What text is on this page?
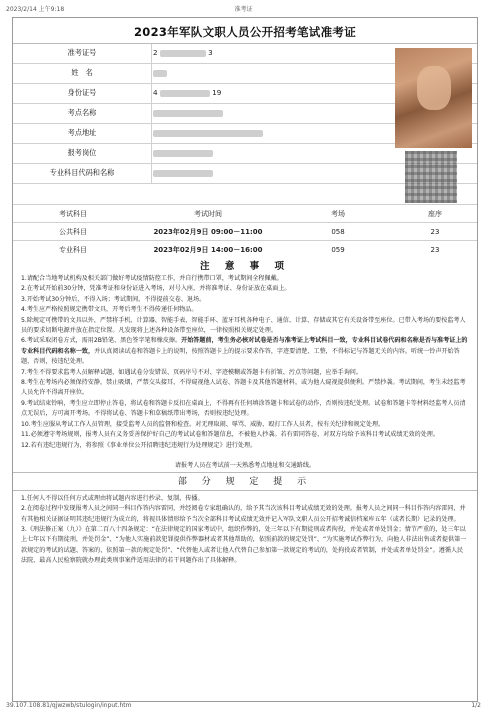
2023/2/14 上午9:18	准考证
2023年军队文职人员公开招考笔试准考证
准考证号	2	3
姓　名
身份证号	4	19
考点名称
考点地址
报考岗位
专业科目代码和名称
考试科目	考试时间	考场	座序
公共科目	2023年02月9日 09:00－11:00	058	23
专业科目	2023年02月9日 14:00－16:00	059	23
注 意 事 项

1.请配合当地考试机构及相关部门做好考试疫情防控工作，并自行携带口罩，考试期间全程佩戴。

2.在考试开始前30分钟，凭准考证和身份证进入考场，对号入座，并将准考证、身份证放在桌面上。

3.开始考试30分钟后，不得入场；考试期间，不得提前交卷、退场。

4.考生应严格按照规定携带文具，开考后考生不得传递任何物品。

5.除规定可携带的文具以外，严禁将手机、计算器、智能手表、智能手环、蓝牙耳机各种电子、通信、计算、存储或其它有关设备带至座位。已带入考场的要按监考人员的要求切断电源并放在指定位置。凡发现将上述各种设备带至座位，一律按照相关规定处理。

6.考试采取闭卷方式，需用2B铅笔、黑色签字笔和橡皮擦。开始答题前，考生务必核对试卷是否与准考证上考试科目一致，专业科目试卷代码和名称是否与准考证上的专业科目代码和名称一致，并认真阅读试卷和答题卡上的说明，按照答题卡上的提示要求作答，字迹要清楚、工整，不得标记与答题无关的内容。听统一铃声开始答题，否则，按违纪处理。

7.考生不得要求监考人员解释试题，如遇试卷分发错误、页码序号不对、字迹模糊或答题卡有折皱、污点等问题，应举手询问。

8.考生在考场内必须保持安静，禁止吸烟，严禁交头接耳，不得窥视他人试卷、答题卡及其他答题材料，或为他人窥视提供便利。严禁抄袭。考试期间，考生未经监考人员允许不得离开座位。

9.考试结束铃响，考生应立即停止答卷，将试卷和答题卡反扣在桌面上，不得再有任何填涂答题卡和试卷的动作，否则按违纪处理。试卷和答题卡等材料经监考人员清点无误后，方可离开考场。不得将试卷、答题卡和草稿纸带出考场，否则按违纪处理。

10.考生应服从考试工作人员管理，接受监考人员的监督和检查。对无理取闹、辱骂、威胁、殴打工作人员者，按有关纪律和规定处理。

11.必须遵守考场规则，报考人员有义务妥善保护好自己的考试试卷和答题信息，不被他人抄袭。若有雷同答卷，对双方均给予该科目考试成绩无效的处理。

12.若有违纪违规行为，将参照《事业单位公开招聘违纪违规行为处理规定》进行处理。

请报考人员在考试前一天熟悉考点地址和交通路线。

部 分 规 定 提 示

1.任何人不得以任何方式或理由将试题内容进行抄录、复制、传播。

2.在阅卷过程中发现报考人员之间同一科目作答内容雷同，并经阅卷专家组确认的，给予其当次该科目考试成绩无效的处理。报考人员之间同一科目作答内容雷同，并有其他相关证据证明其违纪违规行为成立的，将视具体情形给予当次全部科目考试成绩无效并记入军队文职人员公开招考诚信档案库五年（或者长期）记录的处理。

3.《刑法修正案（九）》在第二百八十四条规定：“在法律规定的国家考试中，组织作弊的，处三年以下有期徒刑或者拘役，并处或者单处罚金；情节严重的，处三年以上七年以下有期徒刑，并处罚金”、“为他人实施前款犯罪提供作弊器材或者其他帮助的，依照前款的规定处罚”、“为实施考试作弊行为，向他人非法出售或者提供第一款规定的考试的试题、答案的，依照第一款的规定处罚”、“代替他人或者让他人代替自己参加第一款规定的考试的，处拘役或者管制，并处或者单处罚金”。遵循人民法院、最高人民检察院就办理此类刑事案件适用法律的若干问题作出了具体解释。

39.107.108.81/qjwzwb/stulogin/input.htm	1/2
